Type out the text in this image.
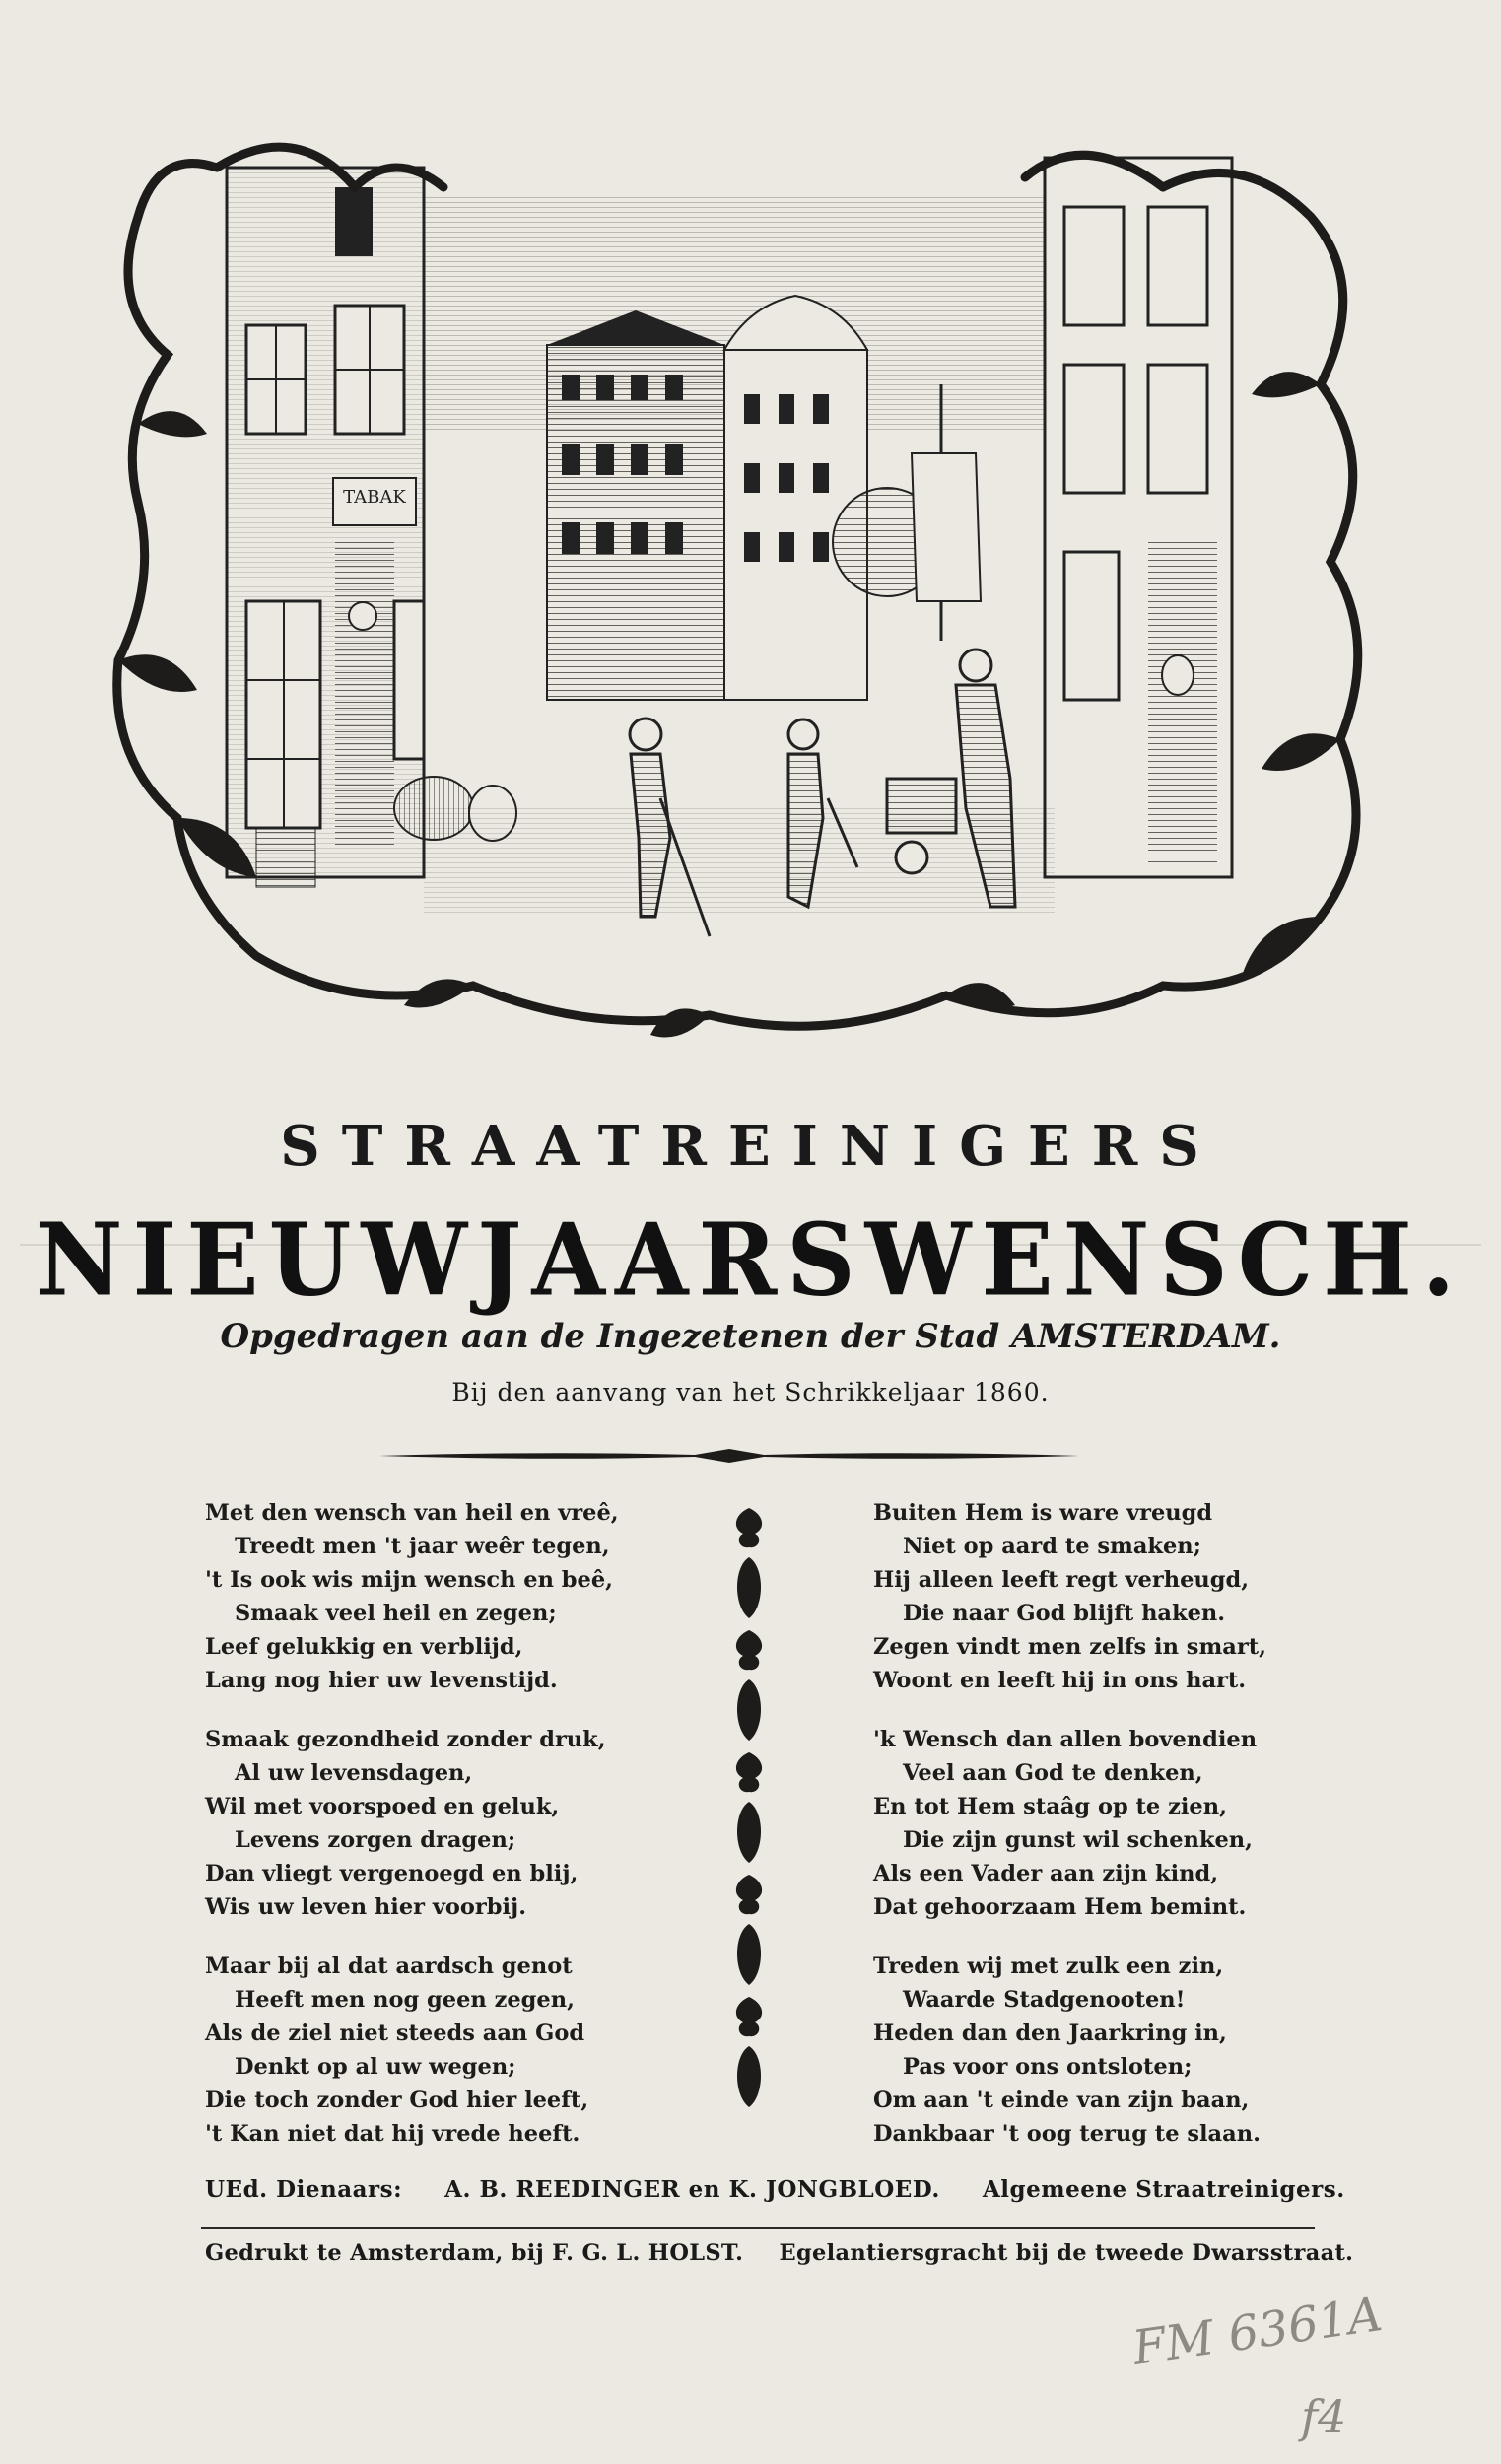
TABAK
STRAATREINIGERS
NIEUWJAARSWENSCH.
Opgedragen aan de Ingezetenen der Stad AMSTERDAM.
Bij den aanvang van het Schrikkeljaar 1860.
Met den wensch van heil en vreê,
Treedt men 't jaar weêr tegen,
't Is ook wis mijn wensch en beê,
Smaak veel heil en zegen;
Leef gelukkig en verblijd,
Lang nog hier uw levenstijd.
Smaak gezondheid zonder druk,
Al uw levensdagen,
Wil met voorspoed en geluk,
Levens zorgen dragen;
Dan vliegt vergenoegd en blij,
Wis uw leven hier voorbij.
Maar bij al dat aardsch genot
Heeft men nog geen zegen,
Als de ziel niet steeds aan God
Denkt op al uw wegen;
Die toch zonder God hier leeft,
't Kan niet dat hij vrede heeft.
Buiten Hem is ware vreugd
Niet op aard te smaken;
Hij alleen leeft regt verheugd,
Die naar God blijft haken.
Zegen vindt men zelfs in smart,
Woont en leeft hij in ons hart.
'k Wensch dan allen bovendien
Veel aan God te denken,
En tot Hem staâg op te zien,
Die zijn gunst wil schenken,
Als een Vader aan zijn kind,
Dat gehoorzaam Hem bemint.
Treden wij met zulk een zin,
Waarde Stadgenooten!
Heden dan den Jaarkring in,
Pas voor ons ontsloten;
Om aan 't einde van zijn baan,
Dankbaar 't oog terug te slaan.
UEd. Dienaars: A. B. REEDINGER en K. JONGBLOED. Algemeene Straatreinigers.
Gedrukt te Amsterdam, bij F. G. L. HOLST. Egelantiersgracht bij de tweede Dwarsstraat.
FM 6361A
f4
